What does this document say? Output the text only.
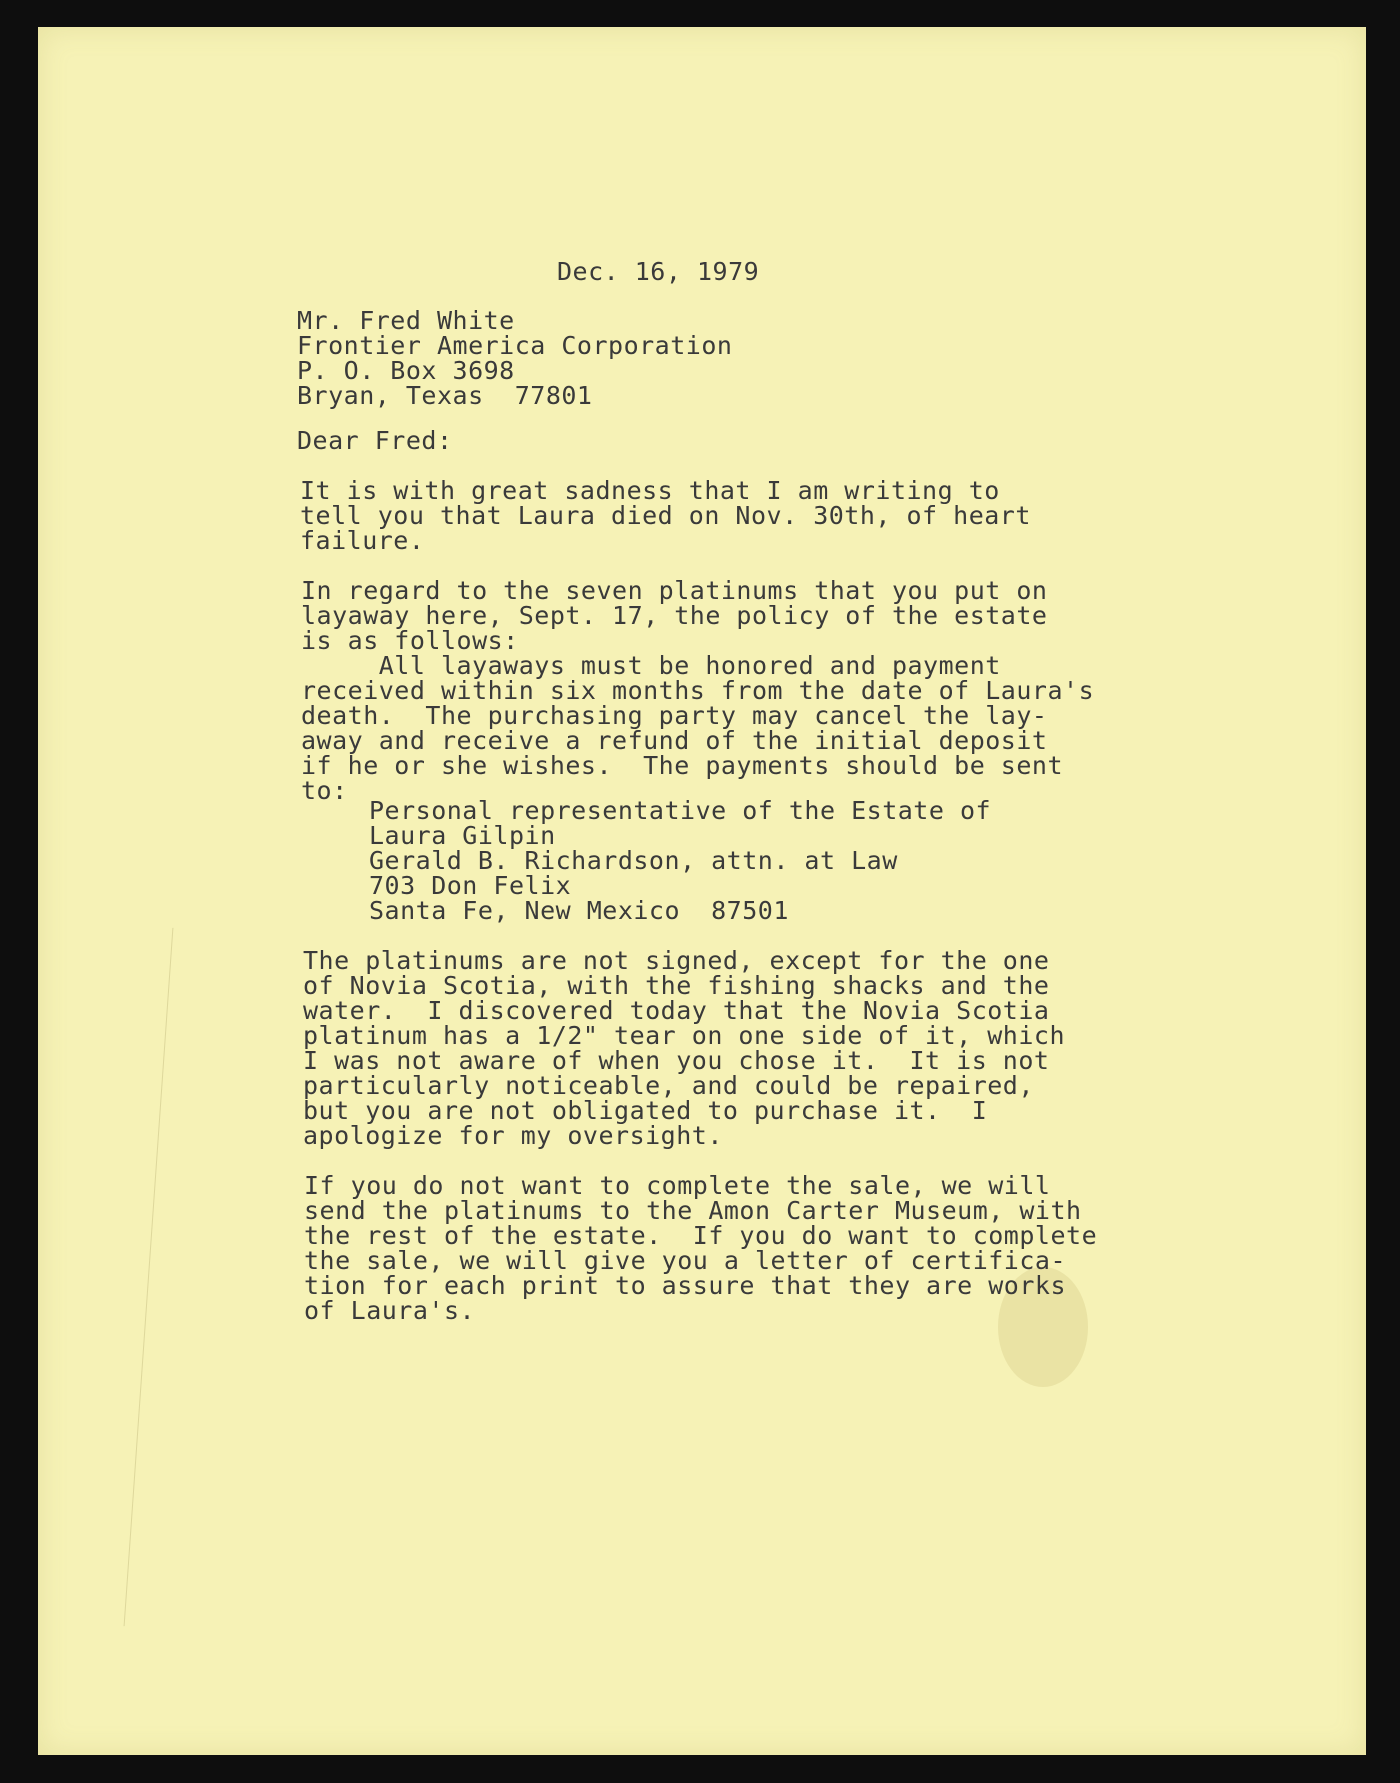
Dec. 16, 1979

Mr. Fred White

Frontier America Corporation

P. O. Box 3698

Bryan, Texas  77801

Dear Fred:

It is with great sadness that I am writing to

tell you that Laura died on Nov. 30th, of heart

failure.

In regard to the seven platinums that you put on

layaway here, Sept. 17, the policy of the estate

is as follows:

All layaways must be honored and payment

received within six months from the date of Laura's

death.  The purchasing party may cancel the lay-

away and receive a refund of the initial deposit

if he or she wishes.  The payments should be sent

to:

Personal representative of the Estate of

Laura Gilpin

Gerald B. Richardson, attn. at Law

703 Don Felix

Santa Fe, New Mexico  87501

The platinums are not signed, except for the one

of Novia Scotia, with the fishing shacks and the

water.  I discovered today that the Novia Scotia

platinum has a 1/2" tear on one side of it, which

I was not aware of when you chose it.  It is not

particularly noticeable, and could be repaired,

but you are not obligated to purchase it.  I

apologize for my oversight.

If you do not want to complete the sale, we will

send the platinums to the Amon Carter Museum, with

the rest of the estate.  If you do want to complete

the sale, we will give you a letter of certifica-

tion for each print to assure that they are works

of Laura's.
